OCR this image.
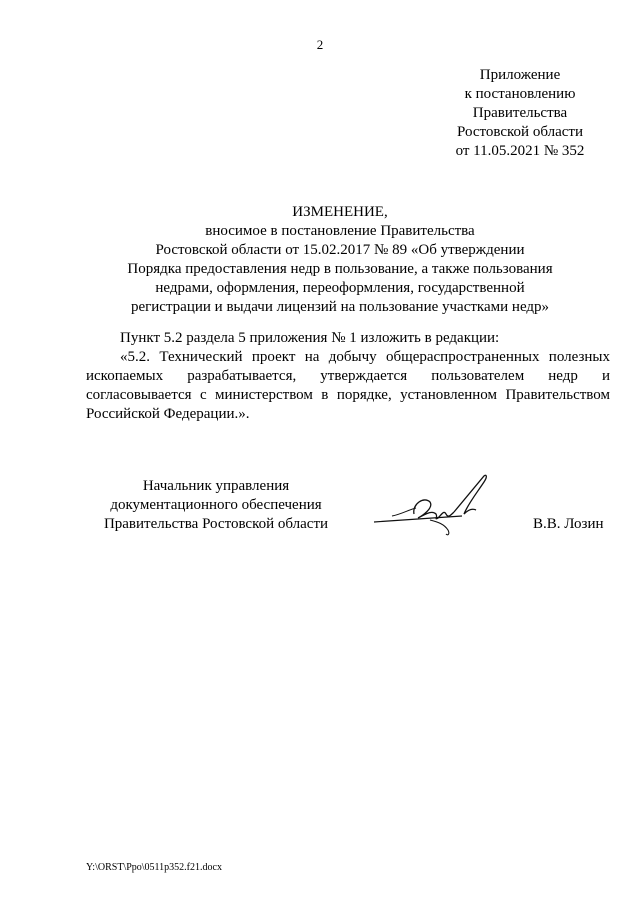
2
Приложение
к постановлению
Правительства
Ростовской области
от 11.05.2021 № 352
ИЗМЕНЕНИЕ,
вносимое в постановление Правительства
Ростовской области от 15.02.2017 № 89 «Об утверждении
Порядка предоставления недр в пользование, а также пользования
недрами, оформления, переоформления, государственной
регистрации и выдачи лицензий на пользование участками недр»
Пункт 5.2 раздела 5 приложения № 1 изложить в редакции:
«5.2. Технический проект на добычу общераспространенных полезных ископаемых разрабатывается, утверждается пользователем недр и согласовывается с министерством в порядке, установленном Правительством Российской Федерации.».
Начальник управления
документационного обеспечения
Правительства Ростовской области	В.В. Лозин
Y:\ORST\Ppo\0511p352.f21.docx
